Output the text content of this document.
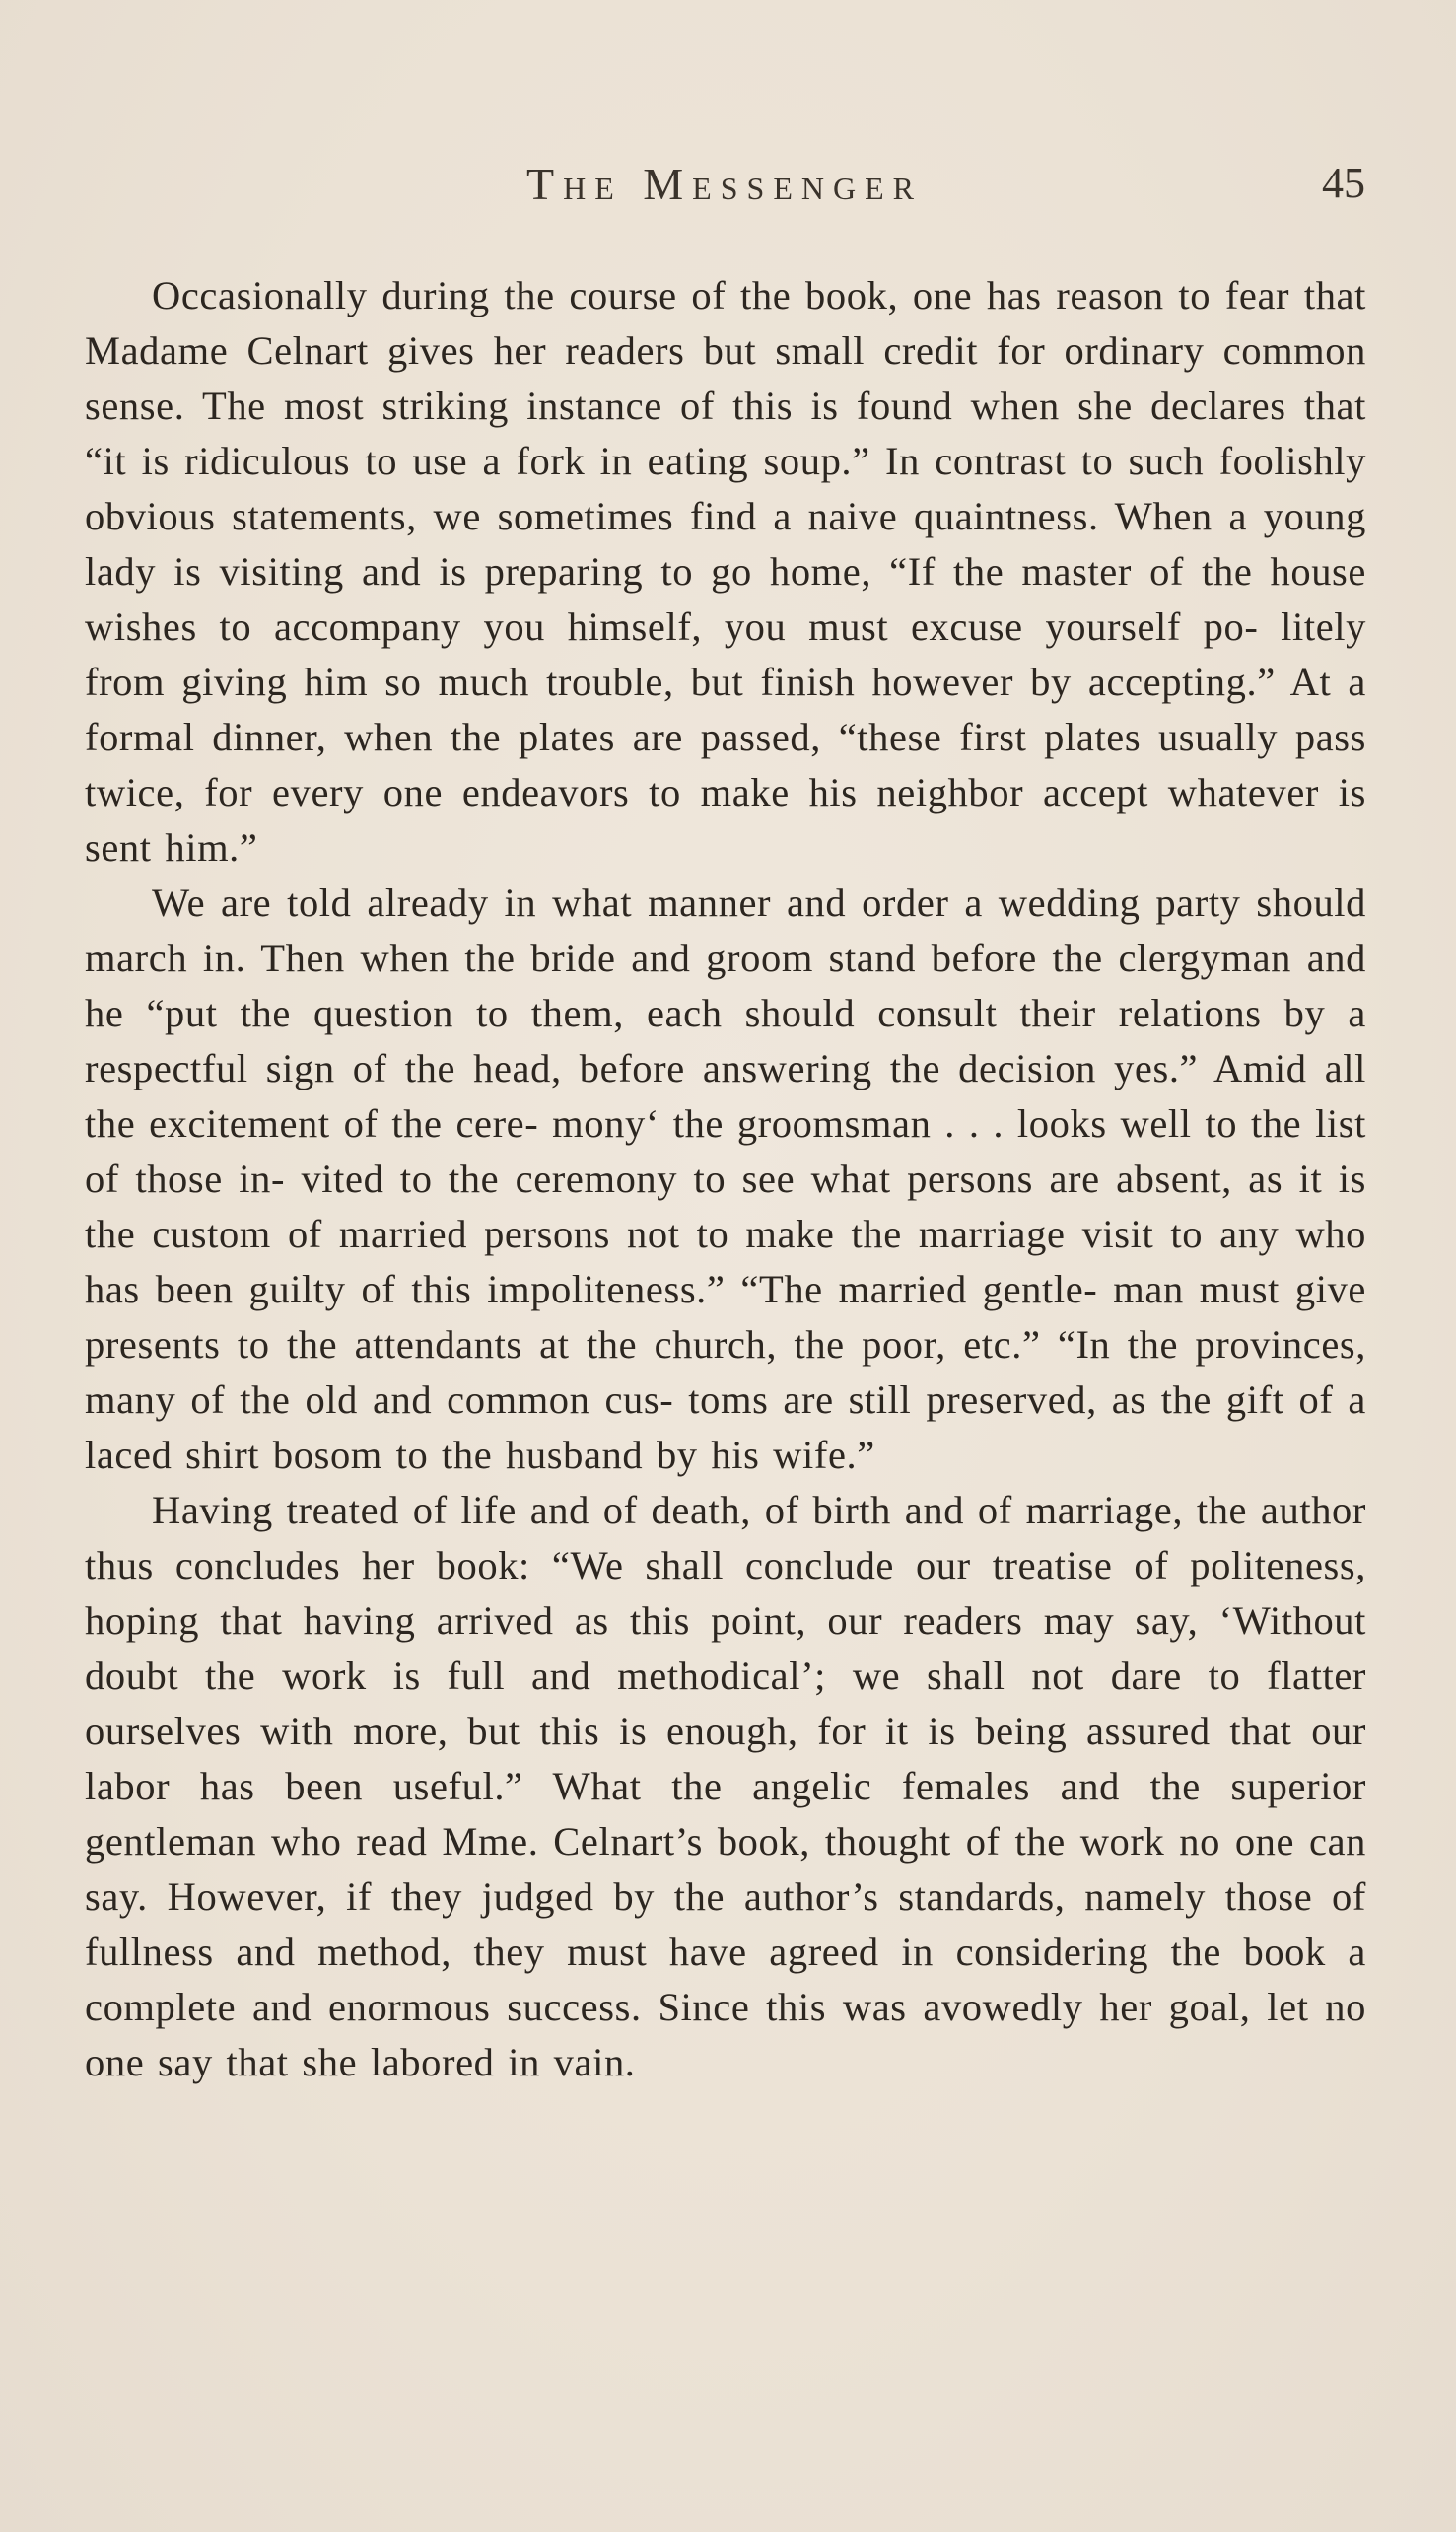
The Messenger	45

Occasionally during the course of the book, one has reason to fear that Madame Celnart gives her readers but small credit for ordinary common sense. The most striking instance of this is found when she declares that “it is ridiculous to use a fork in eating soup.” In contrast to such foolishly obvious statements, we sometimes find a naive quaintness. When a young lady is visiting and is preparing to go home, “If the master of the house wishes to accompany you himself, you must excuse yourself po- litely from giving him so much trouble, but finish however by accepting.” At a formal dinner, when the plates are passed, “these first plates usually pass twice, for every one endeavors to make his neighbor accept whatever is sent him.”

We are told already in what manner and order a wedding party should march in. Then when the bride and groom stand before the clergyman and he “put the question to them, each should consult their relations by a respectful sign of the head, before answering the decision yes.” Amid all the excitement of the cere- mony‘ the groomsman . . . looks well to the list of those in- vited to the ceremony to see what persons are absent, as it is the custom of married persons not to make the marriage visit to any who has been guilty of this impoliteness.” “The married gentle- man must give presents to the attendants at the church, the poor, etc.” “In the provinces, many of the old and common cus- toms are still preserved, as the gift of a laced shirt bosom to the husband by his wife.”

Having treated of life and of death, of birth and of marriage, the author thus concludes her book: “We shall conclude our treatise of politeness, hoping that having arrived as this point, our readers may say, ‘Without doubt the work is full and methodical’; we shall not dare to flatter ourselves with more, but this is enough, for it is being assured that our labor has been useful.” What the angelic females and the superior gentleman who read Mme. Celnart’s book, thought of the work no one can say. However, if they judged by the author’s standards, namely those of fullness and method, they must have agreed in considering the book a complete and enormous success. Since this was avowedly her goal, let no one say that she labored in vain.
